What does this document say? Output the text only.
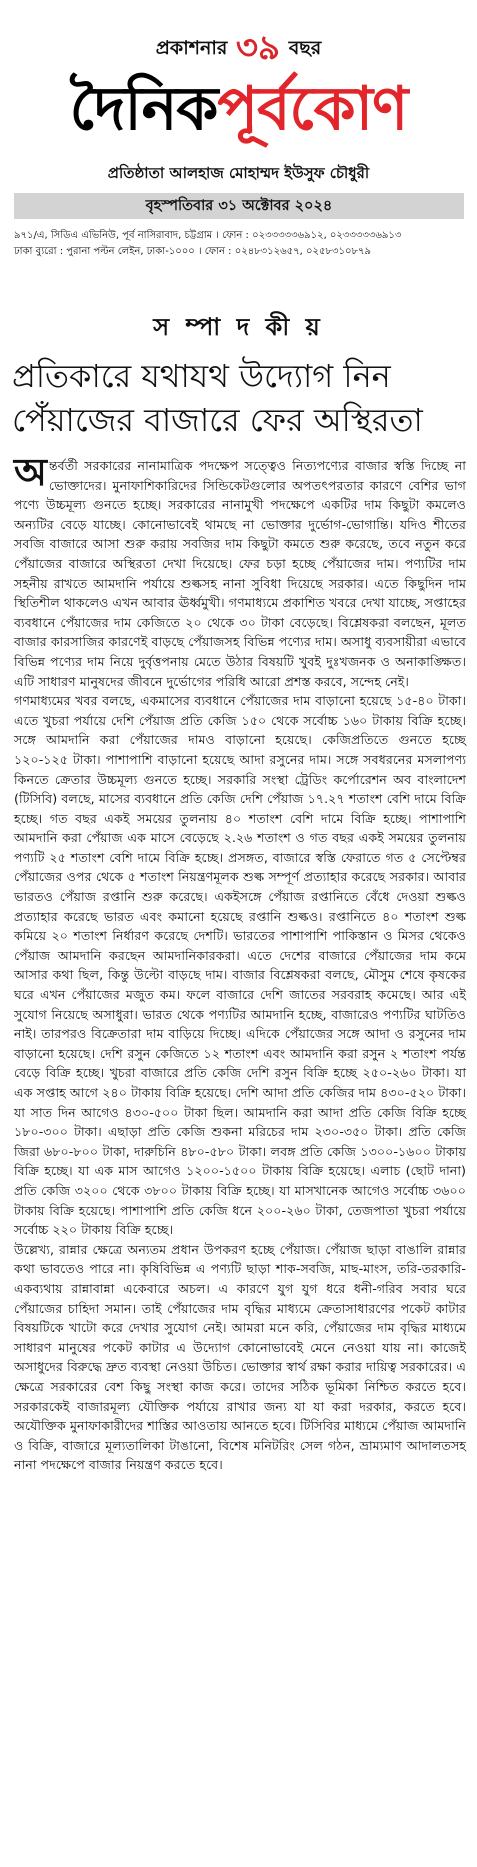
প্রকাশনার ৩৯ বছর
দৈনিকপূর্বকোণ
প্রতিষ্ঠাতা আলহাজ মোহাম্মদ ইউসুফ চৌধুরী
বৃহস্পতিবার ৩১ অক্টোবর ২০২৪
৯৭১/এ, সিডিএ এভিনিউ, পূর্ব নাসিরাবাদ, চট্টগ্রাম । ফোন : ০২৩৩৩৩৩৬৯১২, ০২৩৩৩৩৩৬৯১৩
ঢাকা ব্যুরো : পুরানা পল্টন লেইন, ঢাকা-১০০০ । ফোন : ০২৪৮৩১২৬৫৭, ০২৫৮৩১০৮৭৯
স ম্পা দ কী য়
প্রতিকারে যথাযথ উদ্যোগ নিন
পেঁয়াজের বাজারে ফের অস্থিরতা

অন্তর্বর্তী সরকারের নানামাত্রিক পদক্ষেপ সত্ত্বেও নিত্যপণ্যের বাজার স্বস্তি দিচ্ছে না ভোক্তাদের। মুনাফাশিকারিদের সিন্ডিকেটগুলোর অপতৎপরতার কারণে বেশির ভাগ পণ্যে উচ্চমূল্য গুনতে হচ্ছে। সরকারের নানামুখী পদক্ষেপে একটির দাম কিছুটা কমলেও অন্যটির বেড়ে যাচ্ছে। কোনোভাবেই থামছে না ভোক্তার দুর্ভোগ-ভোগান্তি। যদিও শীতের সবজি বাজারে আসা শুরু করায় সবজির দাম কিছুটা কমতে শুরু করেছে, তবে নতুন করে পেঁয়াজের বাজারে অস্থিরতা দেখা দিয়েছে। ফের চড়া হচ্ছে পেঁয়াজের দাম। পণ্যটির দাম সহনীয় রাখতে আমদানি পর্যায়ে শুল্কসহ নানা সুবিধা দিয়েছে সরকার। এতে কিছুদিন দাম স্থিতিশীল থাকলেও এখন আবার ঊর্ধ্বমুখী। গণমাধ্যমে প্রকাশিত খবরে দেখা যাচ্ছে, সপ্তাহের ব্যবধানে পেঁয়াজের দাম কেজিতে ২০ থেকে ৩০ টাকা বেড়েছে। বিশ্লেষকরা বলছেন, মূলত বাজার কারসাজির কারণেই বাড়ছে পেঁয়াজসহ বিভিন্ন পণ্যের দাম। অসাধু ব্যবসায়ীরা এভাবে বিভিন্ন পণ্যের দাম নিয়ে দুর্বৃত্তপনায় মেতে উঠার বিষয়টি খুবই দুঃখজনক ও অনাকাঙ্ক্ষিত। এটি সাধারণ মানুষদের জীবনে দুর্ভোগের পরিধি আরো প্রশস্ত করবে, সন্দেহ নেই।

গণমাধ্যমের খবর বলছে, একমাসের ব্যবধানে পেঁয়াজের দাম বাড়ানো হয়েছে ১৫-৪০ টাকা। এতে খুচরা পর্যায়ে দেশি পেঁয়াজ প্রতি কেজি ১৫০ থেকে সর্বোচ্চ ১৬০ টাকায় বিক্রি হচ্ছে। সঙ্গে আমদানি করা পেঁয়াজের দামও বাড়ানো হয়েছে। কেজিপ্রতিতে গুনতে হচ্ছে ১২০-১২৫ টাকা। পাশাপাশি বাড়ানো হয়েছে আদা রসুনের দাম। সঙ্গে সবধরনের মসলাপণ্য কিনতে ক্রেতার উচ্চমূল্য গুনতে হচ্ছে। সরকারি সংস্থা ট্রেডিং কর্পোরেশন অব বাংলাদেশ (টিসিবি) বলছে, মাসের ব্যবধানে প্রতি কেজি দেশি পেঁয়াজ ১৭.২৭ শতাংশ বেশি দামে বিক্রি হচ্ছে। গত বছর একই সময়ের তুলনায় ৪০ শতাংশ বেশি দামে বিক্রি হচ্ছে। পাশাপাশি আমদানি করা পেঁয়াজ এক মাসে বেড়েছে ২.২৬ শতাংশ ও গত বছর একই সময়ের তুলনায় পণ্যটি ২৫ শতাংশ বেশি দামে বিক্রি হচ্ছে। প্রসঙ্গত, বাজারে স্বস্তি ফেরাতে গত ৫ সেপ্টেম্বর পেঁয়াজের ওপর থেকে ৫ শতাংশ নিয়ন্ত্রণমূলক শুল্ক সম্পূর্ণ প্রত্যাহার করেছে সরকার। আবার ভারতও পেঁয়াজ রপ্তানি শুরু করেছে। একইসঙ্গে পেঁয়াজ রপ্তানিতে বেঁধে দেওয়া শুল্কও প্রত্যাহার করেছে ভারত এবং কমানো হয়েছে রপ্তানি শুল্কও। রপ্তানিতে ৪০ শতাংশ শুল্ক কমিয়ে ২০ শতাংশ নির্ধারণ করেছে দেশটি। ভারতের পাশাপাশি পাকিস্তান ও মিসর থেকেও পেঁয়াজ আমদানি করছেন আমদানিকারকরা। এতে দেশের বাজারে পেঁয়াজের দাম কমে আসার কথা ছিল, কিন্তু উল্টো বাড়ছে দাম। বাজার বিশ্লেষকরা বলছে, মৌসুম শেষে কৃষকের ঘরে এখন পেঁয়াজের মজুত কম। ফলে বাজারে দেশি জাতের সরবরাহ কমেছে। আর এই সুযোগ নিয়েছে অসাধুরা। ভারত থেকে পণ্যটির আমদানি হচ্ছে, বাজারেও পণ্যটির ঘাটতিও নাই। তারপরও বিক্রেতারা দাম বাড়িয়ে দিচ্ছে। এদিকে পেঁয়াজের সঙ্গে আদা ও রসুনের দাম বাড়ানো হয়েছে। দেশি রসুন কেজিতে ১২ শতাংশ এবং আমদানি করা রসুন ২ শতাংশ পর্যন্ত বেড়ে বিক্রি হচ্ছে। খুচরা বাজারে প্রতি কেজি দেশি রসুন বিক্রি হচ্ছে ২৫০-২৬০ টাকা। যা এক সপ্তাহ আগে ২৪০ টাকায় বিক্রি হয়েছে। দেশি আদা প্রতি কেজির দাম ৪৩০-৫২০ টাকা। যা সাত দিন আগেও ৪৩০-৫০০ টাকা ছিল। আমদানি করা আদা প্রতি কেজি বিক্রি হচ্ছে ১৮০-৩০০ টাকা। এছাড়া প্রতি কেজি শুকনা মরিচের দাম ২৩০-৩৫০ টাকা। প্রতি কেজি জিরা ৬৮০-৮০০ টাকা, দারুচিনি ৪৮০-৫৮০ টাকা। লবঙ্গ প্রতি কেজি ১৩০০-১৬০০ টাকায় বিক্রি হচ্ছে। যা এক মাস আগেও ১২০০-১৫০০ টাকায় বিক্রি হয়েছে। এলাচ (ছোট দানা) প্রতি কেজি ৩২০০ থেকে ৩৮০০ টাকায় বিক্রি হচ্ছে। যা মাসখানেক আগেও সর্বোচ্চ ৩৬০০ টাকায় বিক্রি হয়েছে। পাশাপাশি প্রতি কেজি ধনে ২০০-২৬০ টাকা, তেজপাতা খুচরা পর্যায়ে সর্বোচ্চ ২২০ টাকায় বিক্রি হচ্ছে।

উল্লেখ্য, রান্নার ক্ষেত্রে অন্যতম প্রধান উপকরণ হচ্ছে পেঁয়াজ। পেঁয়াজ ছাড়া বাঙালি রান্নার কথা ভাবতেও পারে না। কৃষিবিভিন্ন এ পণ্যটি ছাড়া শাক-সবজি, মাছ-মাংস, তরি-তরকারি- একব্যথায় রান্নাবান্না একেবারে অচল। এ কারণে যুগ যুগ ধরে ধনী-গরিব সবার ঘরে পেঁয়াজের চাহিদা সমান। তাই পেঁয়াজের দাম বৃদ্ধির মাধ্যমে ক্রেতাসাধারণের পকেট কাটার বিষয়টিকে খাটো করে দেখার সুযোগ নেই। আমরা মনে করি, পেঁয়াজের দাম বৃদ্ধির মাধ্যমে সাধারণ মানুষের পকেট কাটার এ উদ্যোগ কোনোভাবেই মেনে নেওয়া যায় না। কাজেই অসাধুদের বিরুদ্ধে দ্রুত ব্যবস্থা নেওয়া উচিত। ভোক্তার স্বার্থ রক্ষা করার দায়িত্ব সরকারের। এ ক্ষেত্রে সরকারের বেশ কিছু সংস্থা কাজ করে। তাদের সঠিক ভূমিকা নিশ্চিত করতে হবে। সরকারকেই বাজারমূল্য যৌক্তিক পর্যায়ে রাখার জন্য যা যা করা দরকার, করতে হবে। অযৌক্তিক মুনাফাকারীদের শাস্তির আওতায় আনতে হবে। টিসিবির মাধ্যমে পেঁয়াজ আমদানি ও বিক্রি, বাজারে মূল্যতালিকা টাঙানো, বিশেষ মনিটরিং সেল গঠন, ভ্রাম্যমাণ আদালতসহ নানা পদক্ষেপে বাজার নিয়ন্ত্রণ করতে হবে।
